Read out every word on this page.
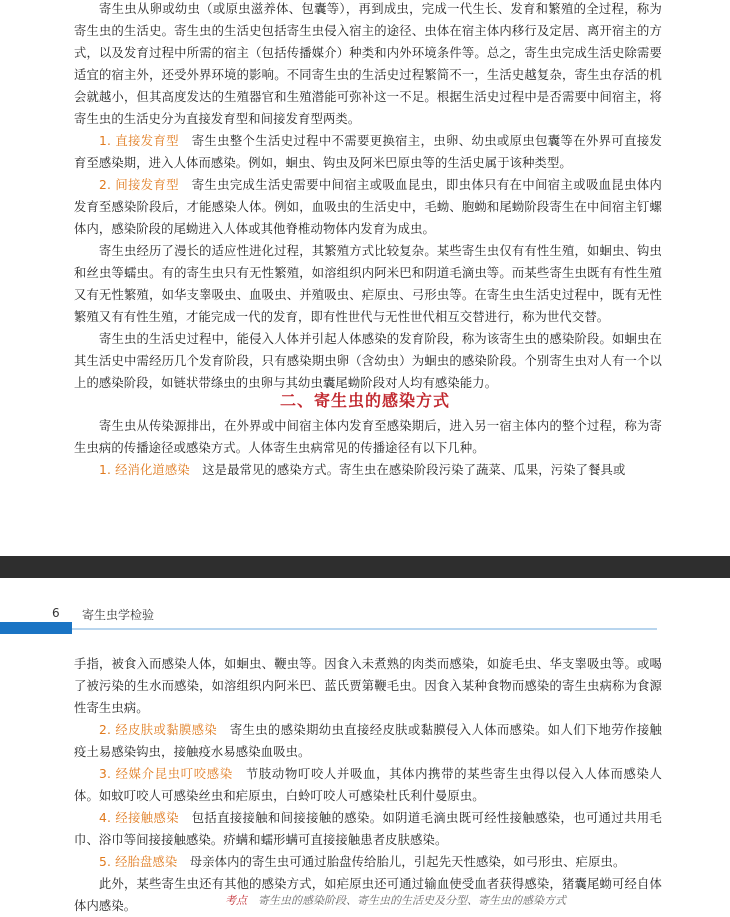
寄生虫从卵或幼虫（或原虫滋养体、包囊等），再到成虫，完成一代生长、发育和繁殖的全过程，称为寄生虫的生活史。寄生虫的生活史包括寄生虫侵入宿主的途径、虫体在宿主体内移行及定居、离开宿主的方式，以及发育过程中所需的宿主（包括传播媒介）种类和内外环境条件等。总之，寄生虫完成生活史除需要适宜的宿主外，还受外界环境的影响。不同寄生虫的生活史过程繁简不一，生活史越复杂，寄生虫存活的机会就越小，但其高度发达的生殖器官和生殖潜能可弥补这一不足。根据生活史过程中是否需要中间宿主，将寄生虫的生活史分为直接发育型和间接发育型两类。

1. 直接发育型　 寄生虫整个生活史过程中不需要更换宿主，虫卵、幼虫或原虫包囊等在外界可直接发育至感染期，进入人体而感染。例如，蛔虫、钩虫及阿米巴原虫等的生活史属于该种类型。

2. 间接发育型　 寄生虫完成生活史需要中间宿主或吸血昆虫，即虫体只有在中间宿主或吸血昆虫体内发育至感染阶段后，才能感染人体。例如，血吸虫的生活史中，毛蚴、胞蚴和尾蚴阶段寄生在中间宿主钉螺体内，感染阶段的尾蚴进入人体或其他脊椎动物体内发育为成虫。

寄生虫经历了漫长的适应性进化过程，其繁殖方式比较复杂。某些寄生虫仅有有性生殖，如蛔虫、钩虫和丝虫等蠕虫。有的寄生虫只有无性繁殖，如溶组织内阿米巴和阴道毛滴虫等。而某些寄生虫既有有性生殖又有无性繁殖，如华支睾吸虫、血吸虫、并殖吸虫、疟原虫、弓形虫等。在寄生虫生活史过程中，既有无性繁殖又有有性生殖，才能完成一代的发育，即有性世代与无性世代相互交替进行，称为世代交替。

寄生虫的生活史过程中，能侵入人体并引起人体感染的发育阶段，称为该寄生虫的感染阶段。如蛔虫在其生活史中需经历几个发育阶段，只有感染期虫卵（含幼虫）为蛔虫的感染阶段。个别寄生虫对人有一个以上的感染阶段，如链状带绦虫的虫卵与其幼虫囊尾蚴阶段对人均有感染能力。

二、寄生虫的感染方式

寄生虫从传染源排出，在外界或中间宿主体内发育至感染期后，进入另一宿主体内的整个过程，称为寄生虫病的传播途径或感染方式。人体寄生虫病常见的传播途径有以下几种。

1. 经消化道感染　 这是最常见的感染方式。寄生虫在感染阶段污染了蔬菜、瓜果，污染了餐具或

6 寄生虫学检验

手指，被食入而感染人体，如蛔虫、鞭虫等。因食入未煮熟的肉类而感染，如旋毛虫、华支睾吸虫等。或喝了被污染的生水而感染，如溶组织内阿米巴、蓝氏贾第鞭毛虫。因食入某种食物而感染的寄生虫病称为食源性寄生虫病。

2. 经皮肤或黏膜感染　 寄生虫的感染期幼虫直接经皮肤或黏膜侵入人体而感染。如人们下地劳作接触疫土易感染钩虫，接触疫水易感染血吸虫。

3. 经媒介昆虫叮咬感染　 节肢动物叮咬人并吸血，其体内携带的某些寄生虫得以侵入人体而感染人体。如蚊叮咬人可感染丝虫和疟原虫，白蛉叮咬人可感染杜氏利什曼原虫。

4. 经接触感染　 包括直接接触和间接接触的感染。如阴道毛滴虫既可经性接触感染，也可通过共用毛巾、浴巾等间接接触感染。疥螨和蠕形螨可直接接触患者皮肤感染。

5. 经胎盘感染　 母亲体内的寄生虫可通过胎盘传给胎儿，引起先天性感染，如弓形虫、疟原虫。

此外，某些寄生虫还有其他的感染方式，如疟原虫还可通过输血使受血者获得感染，猪囊尾蚴可经自体体内感染。	考点　 寄生虫的感染阶段、寄生虫的生活史及分型、寄生虫的感染方式
